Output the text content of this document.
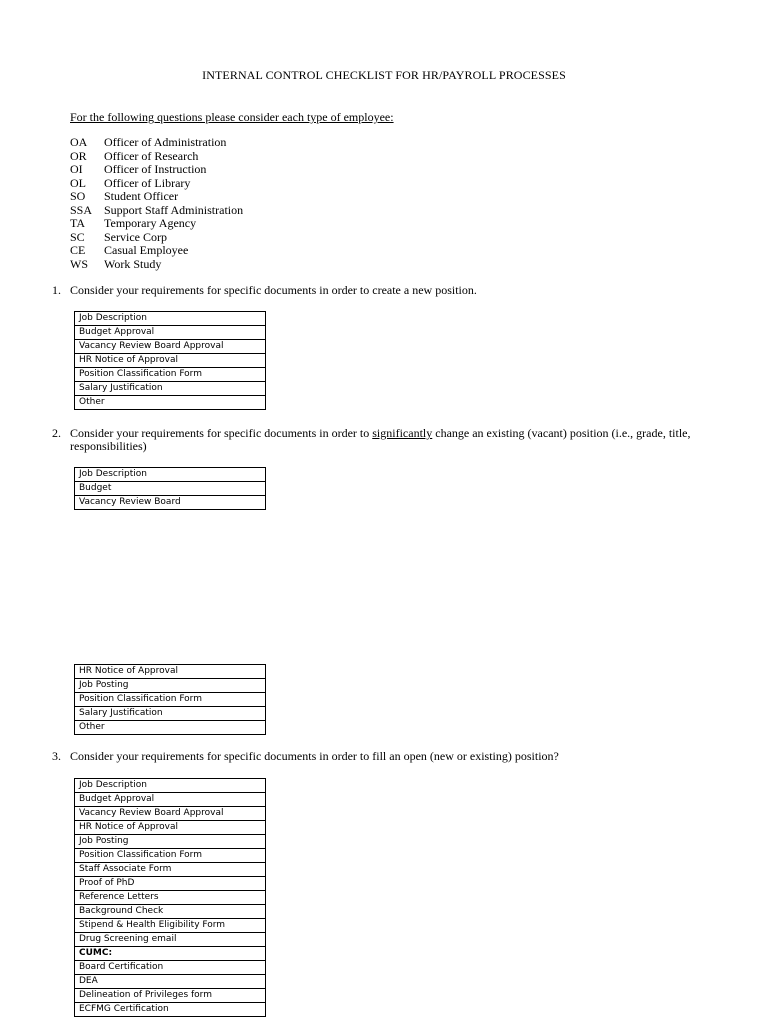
INTERNAL CONTROL CHECKLIST FOR HR/PAYROLL PROCESSES
For the following questions please consider each type of employee:
OA Officer of Administration
OR Officer of Research
OI Officer of Instruction
OL Officer of Library
SO Student Officer
SSA Support Staff Administration
TA Temporary Agency
SC Service Corp
CE Casual Employee
WS Work Study
1. Consider your requirements for specific documents in order to create a new position.
Job Description
Budget Approval
Vacancy Review Board Approval
HR Notice of Approval
Position Classification Form
Salary Justification
Other
2. Consider your requirements for specific documents in order to significantly change an existing (vacant) position (i.e., grade, title, responsibilities)
Job Description
Budget
Vacancy Review Board
HR Notice of Approval
Job Posting
Position Classification Form
Salary Justification
Other
3. Consider your requirements for specific documents in order to fill an open (new or existing) position?
Job Description
Budget Approval
Vacancy Review Board Approval
HR Notice of Approval
Job Posting
Position Classification Form
Staff Associate Form
Proof of PhD
Reference Letters
Background Check
Stipend & Health Eligibility Form
Drug Screening email
CUMC:
Board Certification
DEA
Delineation of Privileges form
ECFMG Certification
